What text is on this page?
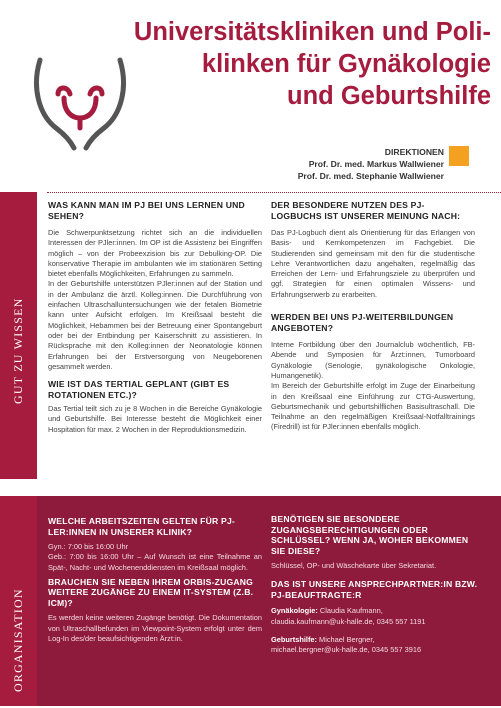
Universitätskliniken und Poli-
klinken für Gynäkologie
und Geburtshilfe
DIREKTIONEN
Prof. Dr. med. Markus Wallwiener
Prof. Dr. med. Stephanie Wallwiener
GUT ZU WISSEN
WAS KANN MAN IM PJ BEI UNS LERNEN UND SEHEN?

Die Schwerpunktsetzung richtet sich an die individuellen Interessen der PJler:innen. Im OP ist die Assistenz bei Eingriffen möglich – von der Probeexzision bis zur Debulking-OP. Die konservative Therapie im ambulanten wie im stationären Setting bietet ebenfalls Möglichkeiten, Erfahrungen zu sammeln.
In der Geburtshilfe unterstützen PJler:innen auf der Station und in der Ambulanz die ärztl. Kolleg:innen. Die Durchführung von einfachen Ultraschalluntersuchungen wie der fetalen Biometrie kann unter Aufsicht erfolgen. Im Kreißsaal besteht die Möglichkeit, Hebammen bei der Betreuung einer Spontangeburt oder bei der Entbindung per Kaiserschnitt zu assistieren. In Rücksprache mit den Kolleg:innen der Neonatologie können Erfahrungen bei der Erstversorgung von Neugeborenen gesammelt werden.

WIE IST DAS TERTIAL GEPLANT (GIBT ES ROTATIONEN ETC.)?

Das Tertial teilt sich zu je 8 Wochen in die Bereiche Gynäkologie und Geburtshilfe. Bei Interesse besteht die Möglichkeit einer Hospitation für max. 2 Wochen in der Reproduktionsmedizin.

DER BESONDERE NUTZEN DES PJ-LOGBUCHS IST UNSERER MEINUNG NACH:

Das PJ-Logbuch dient als Orientierung für das Erlangen von Basis- und Kernkompetenzen im Fachgebiet. Die Studierenden sind gemeinsam mit den für die studentische Lehre Verantwortlichen dazu angehalten, regelmäßig das Erreichen der Lern- und Erfahrungsziele zu überprüfen und ggf. Strategien für einen optimalen Wissens- und Erfahrungserwerb zu erarbeiten.

WERDEN BEI UNS PJ-WEITERBILDUNGEN ANGEBOTEN?

Interne Fortbildung über den Journalclub wöchentlich, FB-Abende und Symposien für Ärzt:innen, Tumorboard Gynäkologie (Senologie, gynäkologische Onkologie, Humangenetik).
Im Bereich der Geburtshilfe erfolgt im Zuge der Einarbeitung in den Kreißsaal eine Einführung zur CTG-Auswertung, Geburtsmechanik und geburtshilflichen Basisultraschall. Die Teilnahme an den regelmäßigen Kreißsaal-Notfalltrainings (Firedrill) ist für PJler:innen ebenfalls möglich.

ORGANISATION
WELCHE ARBEITSZEITEN GELTEN FÜR PJ-LER:INNEN IN UNSERER KLINIK?

Gyn.: 7:00 bis 16:00 Uhr

Geb.: 7:00 bis 16:00 Uhr – Auf Wunsch ist eine Teilnahme an Spät-, Nacht- und Wochenenddiensten im Kreißsaal möglich.

BRAUCHEN SIE NEBEN IHREM ORBIS-ZUGANG WEITERE ZUGÄNGE ZU EINEM IT-SYSTEM (Z.B. ICM)?

Es werden keine weiteren Zugänge benötigt. Die Dokumentation von Ultraschallbefunden im Viewpoint-System erfolgt unter dem Log-In des/der beaufsichtigenden Ärzt:in.

BENÖTIGEN SIE BESONDERE ZUGANGSBERECHTIGUNGEN ODER SCHLÜSSEL? WENN JA, WOHER BEKOMMEN SIE DIESE?

Schlüssel, OP- und Wäschekarte über Sekretariat.

DAS IST UNSERE ANSPRECHPARTNER:IN BZW. PJ-BEAUFTRAGTE:R

Gynäkologie: Claudia Kaufmann,

claudia.kaufmann@uk-halle.de, 0345 557 1191

Geburtshilfe: Michael Bergner,

michael.bergner@uk-halle.de, 0345 557 3916
